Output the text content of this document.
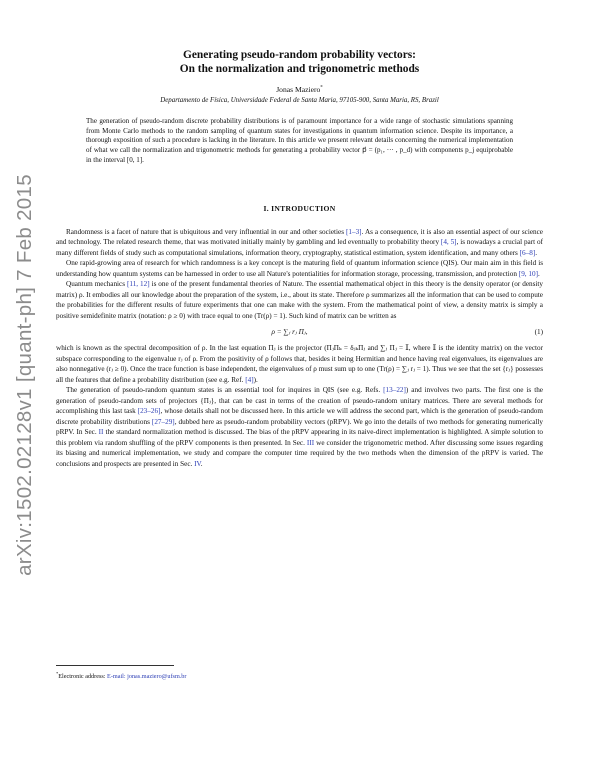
arXiv:1502.02128v1 [quant-ph] 7 Feb 2015
Generating pseudo-random probability vectors:
On the normalization and trigonometric methods
Jonas Maziero*
Departamento de Física, Universidade Federal de Santa Maria, 97105-900, Santa Maria, RS, Brazil
The generation of pseudo-random discrete probability distributions is of paramount importance for a wide range of stochastic simulations spanning from Monte Carlo methods to the random sampling of quantum states for investigations in quantum information science. Despite its importance, a thorough exposition of such a procedure is lacking in the literature. In this article we present relevant details concerning the numerical implementation of what we call the normalization and trigonometric methods for generating a probability vector p⃗ = (p₁, ··· , p_d) with components p_j equiprobable in the interval [0, 1].
I. INTRODUCTION

Randomness is a facet of nature that is ubiquitous and very influential in our and other societies [1–3]. As a consequence, it is also an essential aspect of our science and technology. The related research theme, that was motivated initially mainly by gambling and led eventually to probability theory [4, 5], is nowadays a crucial part of many different fields of study such as computational simulations, information theory, cryptography, statistical estimation, system identification, and many others [6–8].

One rapid-growing area of research for which randomness is a key concept is the maturing field of quantum information science (QIS). Our main aim in this field is understanding how quantum systems can be harnessed in order to use all Nature's potentialities for information storage, processing, transmission, and protection [9, 10].

Quantum mechanics [11, 12] is one of the present fundamental theories of Nature. The essential mathematical object in this theory is the density operator (or density matrix) ρ. It embodies all our knowledge about the preparation of the system, i.e., about its state. Therefore ρ summarizes all the information that can be used to compute the probabilities for the different results of future experiments that one can make with the system. From the mathematical point of view, a density matrix is simply a positive semidefinite matrix (notation: ρ ≥ 0) with trace equal to one (Tr(ρ) = 1). Such kind of matrix can be written as

ρ = ∑ⱼ rⱼ Πⱼ,	(1)

which is known as the spectral decomposition of ρ. In the last equation Πⱼ is the projector (ΠⱼΠₖ = δⱼₖΠⱼ and ∑ⱼ Πⱼ = 𝕀, where 𝕀 is the identity matrix) on the vector subspace corresponding to the eigenvalue rⱼ of ρ. From the positivity of ρ follows that, besides it being Hermitian and hence having real eigenvalues, its eigenvalues are also nonnegative (rⱼ ≥ 0). Once the trace function is base independent, the eigenvalues of ρ must sum up to one (Tr(ρ) = ∑ⱼ rⱼ = 1). Thus we see that the set {rⱼ} possesses all the features that define a probability distribution (see e.g. Ref. [4]).

The generation of pseudo-random quantum states is an essential tool for inquires in QIS (see e.g. Refs. [13–22]) and involves two parts. The first one is the generation of pseudo-random sets of projectors {Πⱼ}, that can be cast in terms of the creation of pseudo-random unitary matrices. There are several methods for accomplishing this last task [23–26], whose details shall not be discussed here. In this article we will address the second part, which is the generation of pseudo-random discrete probability distributions [27–29], dubbed here as pseudo-random probability vectors (pRPV). We go into the details of two methods for generating numerically pRPV. In Sec. II the standard normalization method is discussed. The bias of the pRPV appearing in its naive-direct implementation is highlighted. A simple solution to this problem via random shuffling of the pRPV components is then presented. In Sec. III we consider the trigonometric method. After discussing some issues regarding its biasing and numerical implementation, we study and compare the computer time required by the two methods when the dimension of the pRPV is varied. The conclusions and prospects are presented in Sec. IV.

*Electronic address: E-mail: jonas.maziero@ufsm.br
